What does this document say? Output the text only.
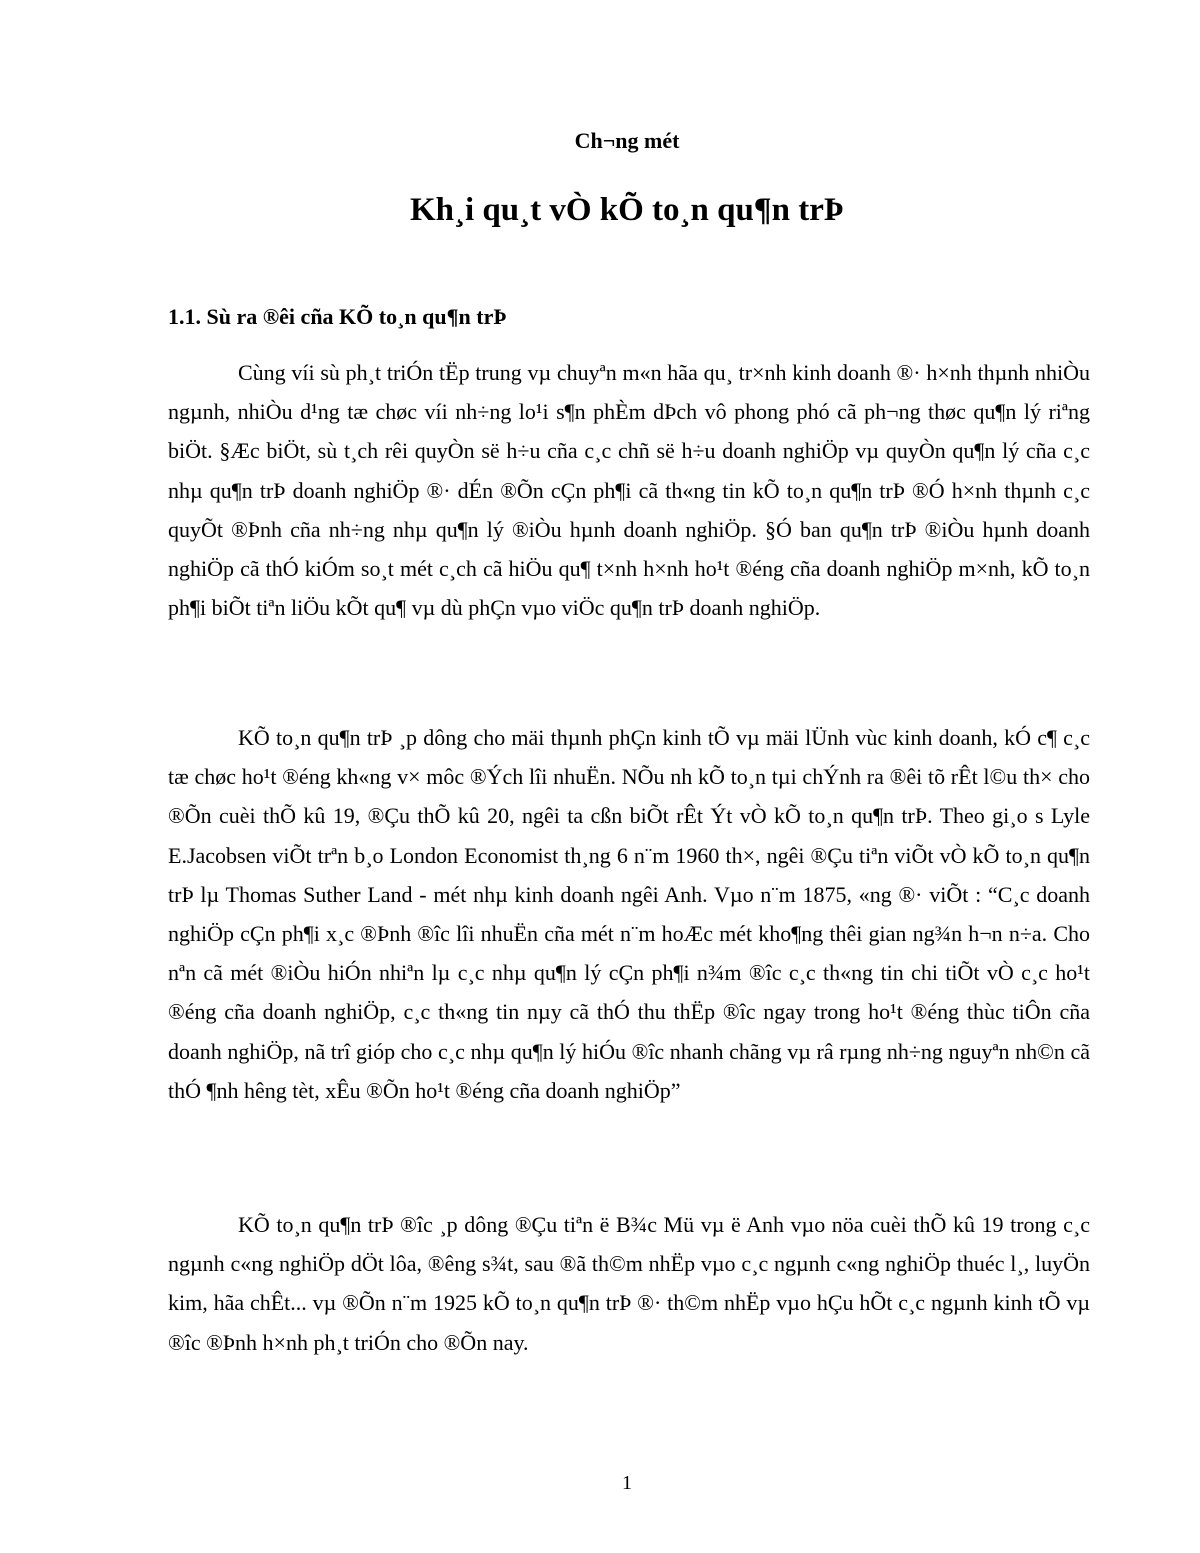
Ch¬ng mét
Kh¸i qu¸t vÒ kÕ to¸n qu¶n trÞ
1.1. Sù ra ®êi cña KÕ to¸n qu¶n trÞ

Cùng víi sù ph¸t triÓn tËp trung vµ chuyªn m«n hãa qu¸ tr×nh kinh doanh ®· h×nh thµnh nhiÒu ngµnh, nhiÒu d¹ng tæ chøc víi nh÷ng lo¹i s¶n phÈm dÞch vô phong phó cã ph¬ng thøc qu¶n lý riªng biÖt. §Æc biÖt, sù t¸ch rêi quyÒn së h÷u cña c¸c chñ së h÷u doanh nghiÖp vµ quyÒn qu¶n lý cña c¸c nhµ qu¶n trÞ doanh nghiÖp ®· dÉn ®Õn cÇn ph¶i cã th«ng tin kÕ to¸n qu¶n trÞ ®Ó h×nh thµnh c¸c quyÕt ®Þnh cña nh÷ng nhµ qu¶n lý ®iÒu hµnh doanh nghiÖp. §Ó ban qu¶n trÞ ®iÒu hµnh doanh nghiÖp cã thÓ kiÓm so¸t mét c¸ch cã hiÖu qu¶ t×nh h×nh ho¹t ®éng cña doanh nghiÖp m×nh, kÕ to¸n ph¶i biÕt tiªn liÖu kÕt qu¶ vµ dù phÇn vµo viÖc qu¶n trÞ doanh nghiÖp.

KÕ to¸n qu¶n trÞ ¸p dông cho mäi thµnh phÇn kinh tÕ vµ mäi lÜnh vùc kinh doanh, kÓ c¶ c¸c tæ chøc ho¹t ®éng kh«ng v× môc ®Ých lîi nhuËn. NÕu nh kÕ to¸n tµi chÝnh ra ®êi tõ rÊt l©u th× cho ®Õn cuèi thÕ kû 19, ®Çu thÕ kû 20, ngêi ta cßn biÕt rÊt Ýt vÒ kÕ to¸n qu¶n trÞ. Theo gi¸o s Lyle E.Jacobsen viÕt trªn b¸o London Economist th¸ng 6 n¨m 1960 th×, ngêi ®Çu tiªn viÕt vÒ kÕ to¸n qu¶n trÞ lµ Thomas Suther Land - mét nhµ kinh doanh ngêi Anh. Vµo n¨m 1875, «ng ®· viÕt : “C¸c doanh nghiÖp cÇn ph¶i x¸c ®Þnh ®îc lîi nhuËn cña mét n¨m hoÆc mét kho¶ng thêi gian ng¾n h¬n n÷a. Cho nªn cã mét ®iÒu hiÓn nhiªn lµ c¸c nhµ qu¶n lý cÇn ph¶i n¾m ®îc c¸c th«ng tin chi tiÕt vÒ c¸c ho¹t ®éng cña doanh nghiÖp, c¸c th«ng tin nµy cã thÓ thu thËp ®îc ngay trong ho¹t ®éng thùc tiÔn cña doanh nghiÖp, nã trî gióp cho c¸c nhµ qu¶n lý hiÓu ®îc nhanh chãng vµ râ rµng nh÷ng nguyªn nh©n cã thÓ ¶nh hêng tèt, xÊu ®Õn ho¹t ®éng cña doanh nghiÖp”

KÕ to¸n qu¶n trÞ ®îc ¸p dông ®Çu tiªn ë B¾c Mü vµ ë Anh vµo nöa cuèi thÕ kû 19 trong c¸c ngµnh c«ng nghiÖp dÖt lôa, ®êng s¾t, sau ®ã th©m nhËp vµo c¸c ngµnh c«ng nghiÖp thuéc l¸, luyÖn kim, hãa chÊt... vµ ®Õn n¨m 1925 kÕ to¸n qu¶n trÞ ®· th©m nhËp vµo hÇu hÕt c¸c ngµnh kinh tÕ vµ ®îc ®Þnh h×nh ph¸t triÓn cho ®Õn nay.

1
